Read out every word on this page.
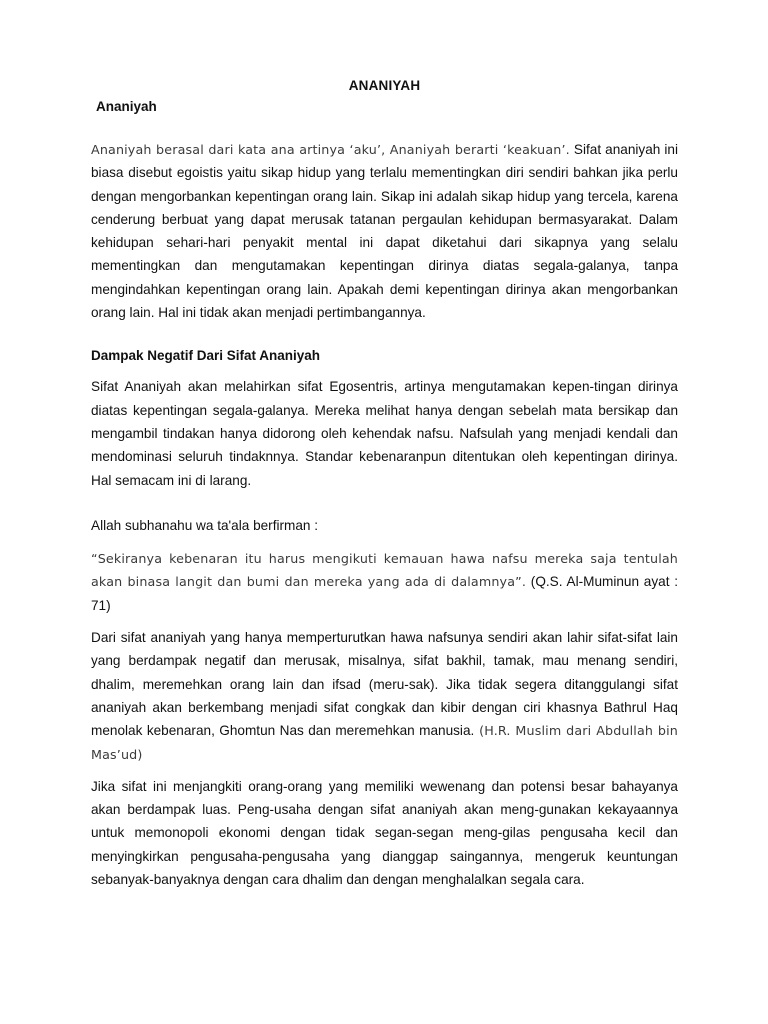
ANANIYAH
Ananiyah

Ananiyah berasal dari kata ana artinya ‘aku’, Ananiyah berarti ‘keakuan’. Sifat ananiyah ini biasa disebut egoistis yaitu sikap hidup yang terlalu mementingkan diri sendiri bahkan jika perlu dengan mengorbankan kepentingan orang lain. Sikap ini adalah sikap hidup yang tercela, karena cenderung berbuat yang dapat merusak tatanan pergaulan kehidupan bermasyarakat. Dalam kehidupan sehari-hari penyakit mental ini dapat diketahui dari sikapnya yang selalu mementingkan dan mengutamakan kepentingan dirinya diatas segala-galanya, tanpa mengindahkan kepentingan orang lain. Apakah demi kepentingan dirinya akan mengorbankan orang lain. Hal ini tidak akan menjadi pertimbangannya.

Dampak Negatif Dari Sifat Ananiyah

Sifat Ananiyah akan melahirkan sifat Egosentris, artinya mengutamakan kepen-tingan dirinya diatas kepentingan segala-galanya. Mereka melihat hanya dengan sebelah mata bersikap dan mengambil tindakan hanya didorong oleh kehendak nafsu. Nafsulah yang menjadi kendali dan mendominasi seluruh tindaknnya. Standar kebenaranpun ditentukan oleh kepentingan dirinya. Hal semacam ini di larang.

Allah subhanahu wa ta'ala berfirman :

“Sekiranya kebenaran itu harus mengikuti kemauan hawa nafsu mereka saja tentulah akan binasa langit dan bumi dan mereka yang ada di dalamnya”. (Q.S. Al-Muminun ayat : 71)

Dari sifat ananiyah yang hanya memperturutkan hawa nafsunya sendiri akan lahir sifat-sifat lain yang berdampak negatif dan merusak, misalnya, sifat bakhil, tamak, mau menang sendiri, dhalim, meremehkan orang lain dan ifsad (meru-sak). Jika tidak segera ditanggulangi sifat ananiyah akan berkembang menjadi sifat congkak dan kibir dengan ciri khasnya Bathrul Haq menolak kebenaran, Ghomtun Nas dan meremehkan manusia. (H.R. Muslim dari Abdullah bin Mas’ud)

Jika sifat ini menjangkiti orang-orang yang memiliki wewenang dan potensi besar bahayanya akan berdampak luas. Peng-usaha dengan sifat ananiyah akan meng-gunakan kekayaannya untuk memonopoli ekonomi dengan tidak segan-segan meng-gilas pengusaha kecil dan menyingkirkan pengusaha-pengusaha yang dianggap saingannya, mengeruk keuntungan sebanyak-banyaknya dengan cara dhalim dan dengan menghalalkan segala cara.
